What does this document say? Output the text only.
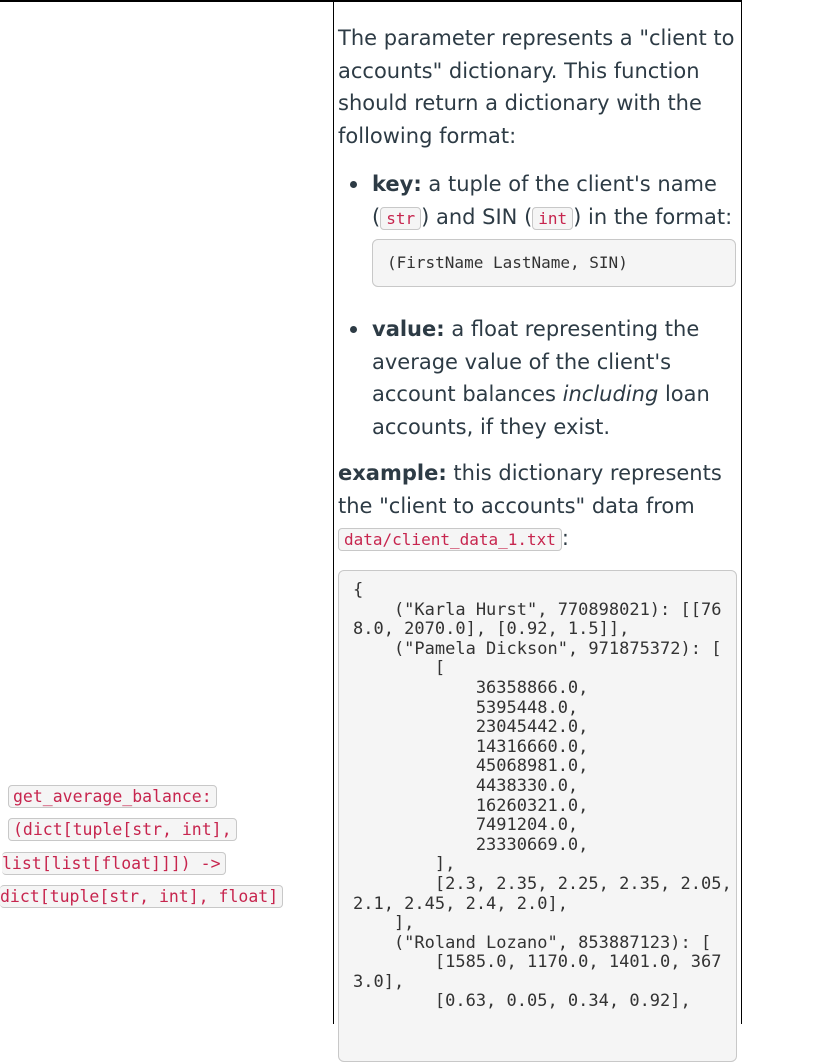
get_average_balance:
(dict[tuple[str, int],
list[list[float]]]) ->
dict[tuple[str, int], float]

The parameter represents a "client to accounts" dictionary. This function should return a dictionary with the following format:

key: a tuple of the client's name ( str ) and SIN ( int ) in the format:
(FirstName LastName, SIN)
value: a float representing the average value of the client's account balances including loan accounts, if they exist.

example: this dictionary represents the "client to accounts" data from data/client_data_1.txt :

{
("Karla Hurst", 770898021): [[76
8.0, 2070.0], [0.92, 1.5]],
("Pamela Dickson", 971875372): [
[
36358866.0,
5395448.0,
23045442.0,
14316660.0,
45068981.0,
4438330.0,
16260321.0,
7491204.0,
23330669.0,
],
[2.3, 2.35, 2.25, 2.35, 2.05,
2.1, 2.45, 2.4, 2.0],
],
("Roland Lozano", 853887123): [
[1585.0, 1170.0, 1401.0, 367
3.0],
[0.63, 0.05, 0.34, 0.92],
